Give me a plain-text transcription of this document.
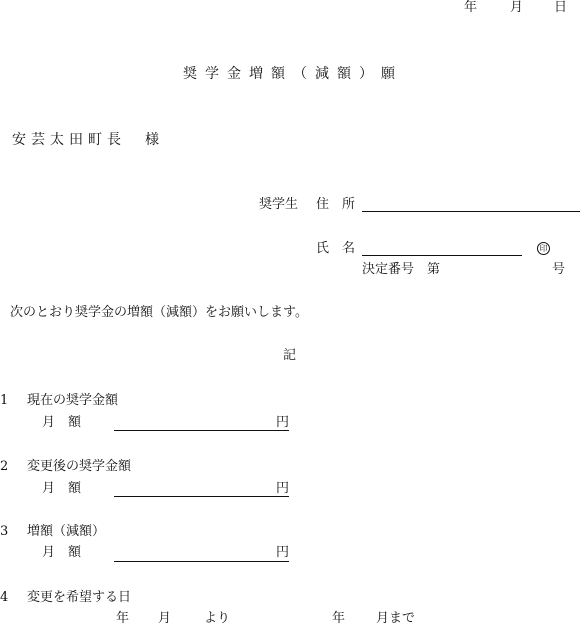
年	月 日
奨学金増額（減額）願
安芸太田町長　様
奨学生 住　所
氏　名	印
決定番号　第	号
次のとおり奨学金の増額（減額）をお願いします。
記
1 現在の奨学金額
月　額	円
2 変更後の奨学金額
月　額	円
3 増額（減額）
月　額	円
4 変更を希望する日
年 月	より	年 月まで
